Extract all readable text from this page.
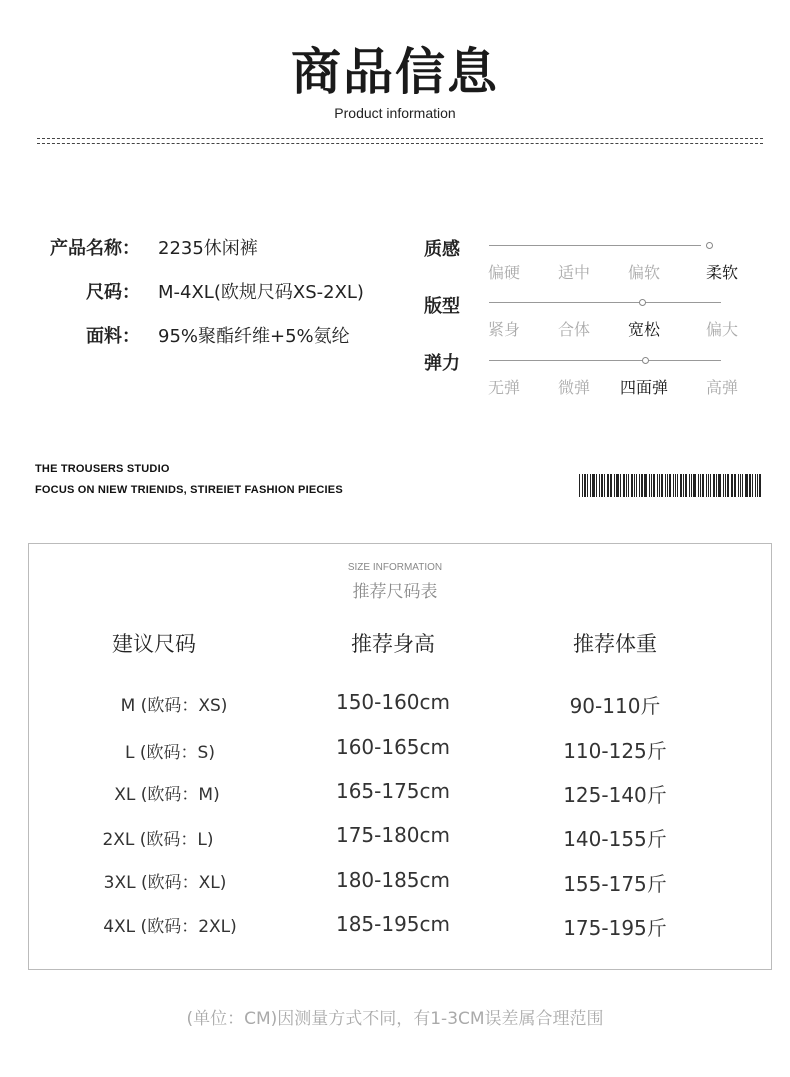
商品信息
Product information
产品名称： 2235休闲裤
尺码： M-4XL(欧规尺码XS-2XL)
面料： 95%聚酯纤维+5%氨纶
质感
偏硬	适中	偏软	柔软
版型
紧身	合体	宽松	偏大
弹力
无弹	微弹	四面弹	高弹
THE TROUSERS STUDIO
FOCUS ON NIEW TRIENIDS, STIREIET FASHION PIECIES
SIZE INFORMATION
推荐尺码表
建议尺码	推荐身高	推荐体重
M (欧码：XS)	150-160cm	90-110斤
L (欧码：S)	160-165cm	110-125斤
XL (欧码：M)	165-175cm	125-140斤
2XL (欧码：L)	175-180cm	140-155斤
3XL (欧码：XL)	180-185cm	155-175斤
4XL (欧码：2XL)	185-195cm	175-195斤
(单位：CM)因测量方式不同，有1-3CM误差属合理范围
